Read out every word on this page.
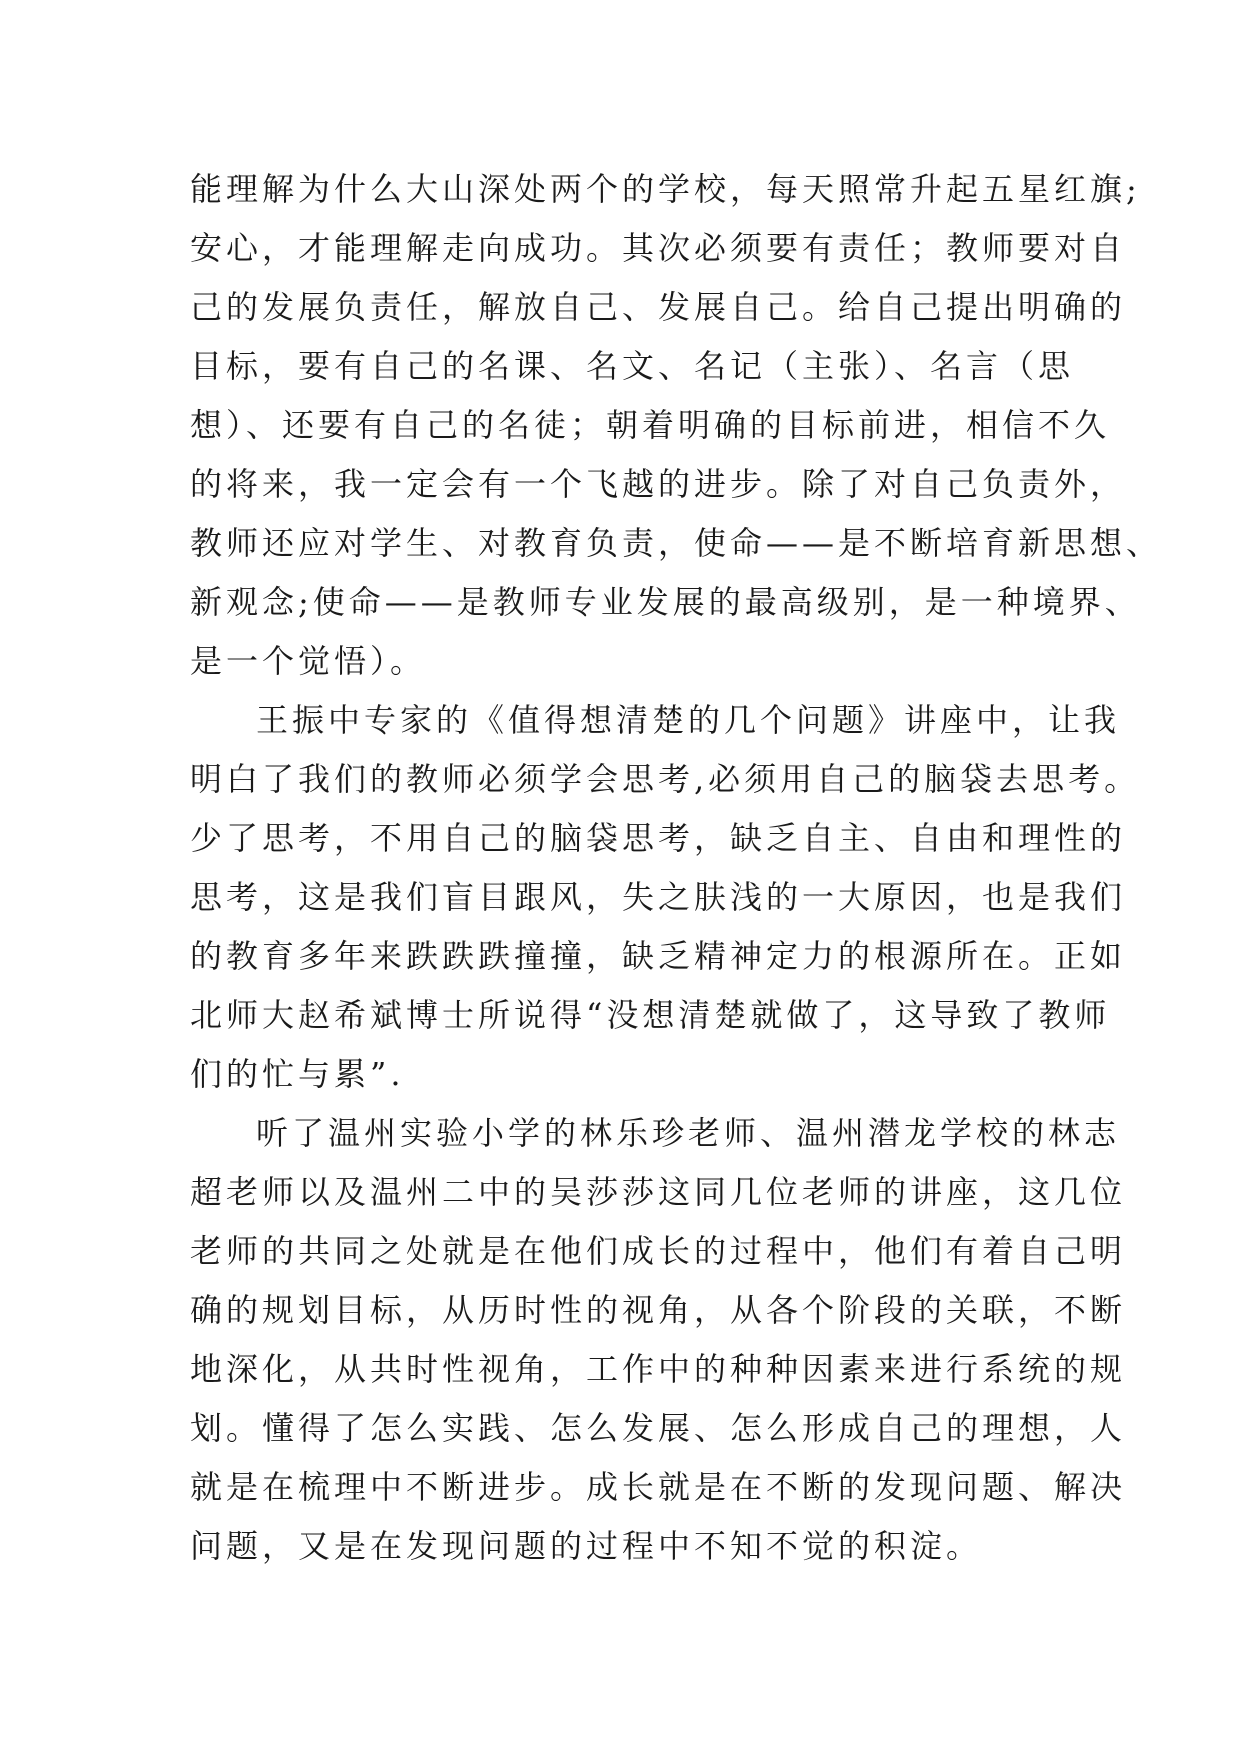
能理解为什么大山深处两个的学校，每天照常升起五星红旗;
安心，才能理解走向成功。其次必须要有责任；教师要对自
己的发展负责任，解放自己、发展自己。给自己提出明确的
目标，要有自己的名课、名文、名记（主张）、名言（思
想）、还要有自己的名徒；朝着明确的目标前进，相信不久
的将来，我一定会有一个飞越的进步。除了对自己负责外，
教师还应对学生、对教育负责，使命——是不断培育新思想、
新观念;使命——是教师专业发展的最高级别，是一种境界、
是一个觉悟）。
王振中专家的《值得想清楚的几个问题》讲座中，让我
明白了我们的教师必须学会思考,必须用自己的脑袋去思考。
少了思考，不用自己的脑袋思考，缺乏自主、自由和理性的
思考，这是我们盲目跟风，失之肤浅的一大原因，也是我们
的教育多年来跌跌跌撞撞，缺乏精神定力的根源所在。正如
北师大赵希斌博士所说得“没想清楚就做了，这导致了教师
们的忙与累”.
听了温州实验小学的林乐珍老师、温州潜龙学校的林志
超老师以及温州二中的吴莎莎这同几位老师的讲座，这几位
老师的共同之处就是在他们成长的过程中，他们有着自己明
确的规划目标，从历时性的视角，从各个阶段的关联，不断
地深化，从共时性视角，工作中的种种因素来进行系统的规
划。懂得了怎么实践、怎么发展、怎么形成自己的理想，人
就是在梳理中不断进步。成长就是在不断的发现问题、解决
问题，又是在发现问题的过程中不知不觉的积淀。
